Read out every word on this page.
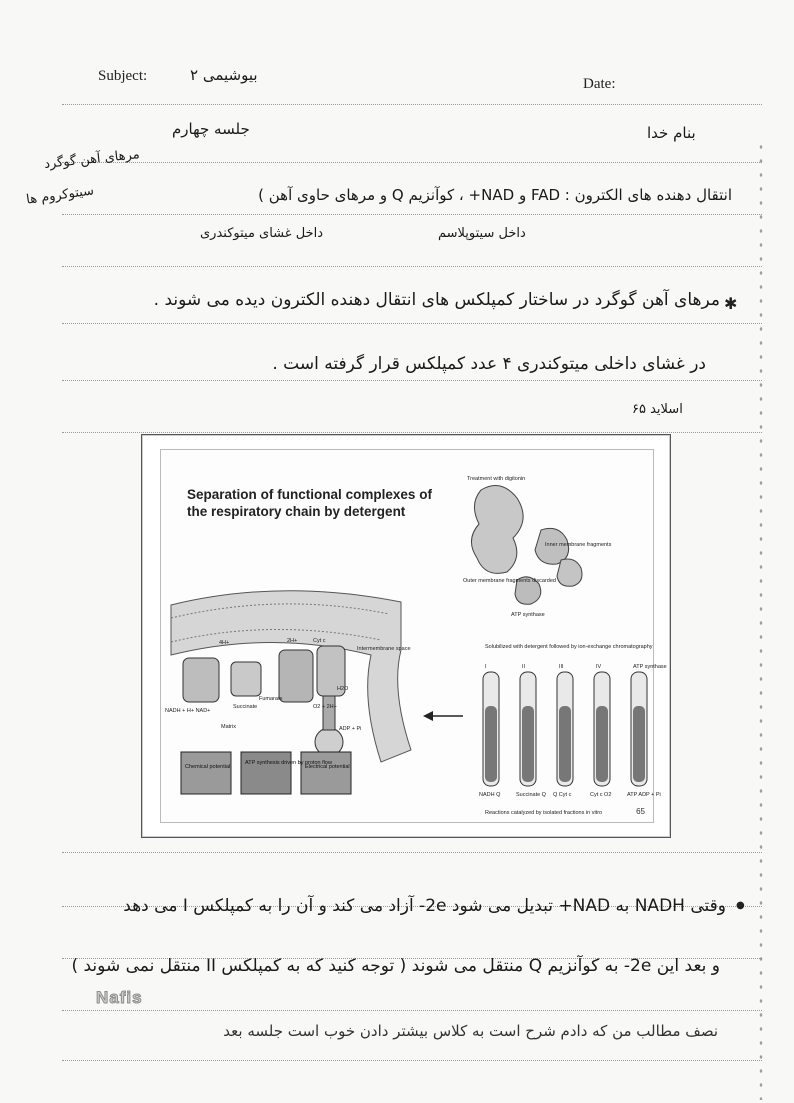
Subject:	بیوشیمی ۲	Date:
جلسه چهارم	بنام خدا
مرهای آهن گوگرد
سیتوکروم ها	انتقال دهنده های الکترون : FAD و NAD+ ، کوآنزیم Q و مرهای حاوی آهن )
داخل غشای میتوکندری	داخل سیتوپلاسم
✱
مرهای آهن گوگرد در ساختار کمپلکس های انتقال دهنده الکترون دیده می شوند .
در غشای داخلی میتوکندری ۴ عدد کمپلکس قرار گرفته است .
اسلاید ۶۵
Separation of functional complexes of the respiratory chain by detergent
4H+	2H+	Cyt c
Intermembrane space
NADH + H+ NAD+
Succinate
Fumarate
O2 + 2H+
H2O
ADP + Pi
Matrix
Chemical potential
ATP synthesis driven by proton flow
Electrical potential
Treatment with digitonin
Outer membrane fragments discarded
Inner membrane fragments
ATP synthase
Solubilized with detergent followed by ion-exchange chromatography
I
NADH Q
II
Succinate Q
III
Q Cyt c
IV
Cyt c O2
ATP synthase
ATP ADP + Pi
Reactions catalyzed by isolated fractions in vitro	65
وقتی NADH به NAD+ تبدیل می شود 2e- آزاد می کند و آن را به کمپلکس I می دهد ●
و بعد این 2e- به کوآنزیم Q منتقل می شوند ( توجه کنید که به کمپلکس II منتقل نمی شوند )
Nafis
نصف مطالب من که دادم شرح است به کلاس بیشتر دادن خوب است جلسه بعد
